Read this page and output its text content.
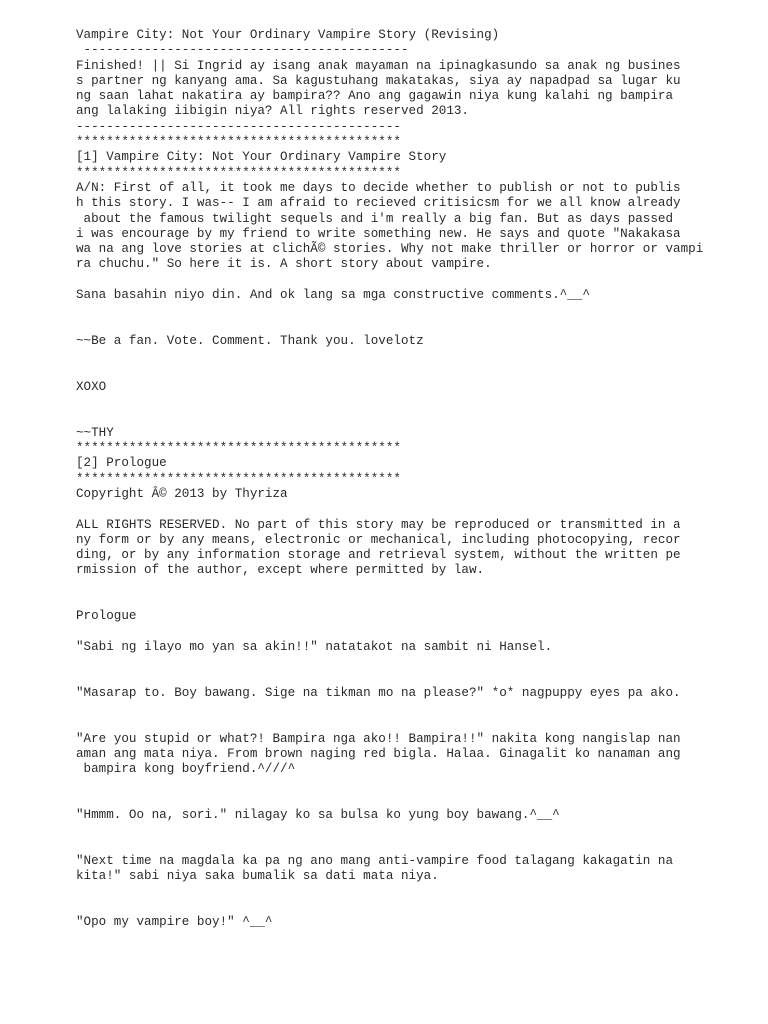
Vampire City: Not Your Ordinary Vampire Story (Revising)
-------------------------------------------
Finished! || Si Ingrid ay isang anak mayaman na ipinagkasundo sa anak ng busines
s partner ng kanyang ama. Sa kagustuhang makatakas, siya ay napadpad sa lugar ku
ng saan lahat nakatira ay bampira?? Ano ang gagawin niya kung kalahi ng bampira
ang lalaking iibigin niya? All rights reserved 2013.
-------------------------------------------
*******************************************
[1] Vampire City: Not Your Ordinary Vampire Story
*******************************************
A/N: First of all, it took me days to decide whether to publish or not to publis
h this story. I was-- I am afraid to recieved critisicsm for we all know already
about the famous twilight sequels and i'm really a big fan. But as days passed
i was encourage by my friend to write something new. He says and quote "Nakakasa
wa na ang love stories at clichÃ© stories. Why not make thriller or horror or vampi
ra chuchu." So here it is. A short story about vampire.
Sana basahin niyo din. And ok lang sa mga constructive comments.^__^
~~Be a fan. Vote. Comment. Thank you. lovelotz
XOXO
~~THY
*******************************************
[2] Prologue
*******************************************
Copyright Â© 2013 by Thyriza
ALL RIGHTS RESERVED. No part of this story may be reproduced or transmitted in a
ny form or by any means, electronic or mechanical, including photocopying, recor
ding, or by any information storage and retrieval system, without the written pe
rmission of the author, except where permitted by law.
Prologue
"Sabi ng ilayo mo yan sa akin!!" natatakot na sambit ni Hansel.
"Masarap to. Boy bawang. Sige na tikman mo na please?" *o* nagpuppy eyes pa ako.
"Are you stupid or what?! Bampira nga ako!! Bampira!!" nakita kong nangislap nan
aman ang mata niya. From brown naging red bigla. Halaa. Ginagalit ko nanaman ang
bampira kong boyfriend.^///^
"Hmmm. Oo na, sori." nilagay ko sa bulsa ko yung boy bawang.^__^
"Next time na magdala ka pa ng ano mang anti-vampire food talagang kakagatin na
kita!" sabi niya saka bumalik sa dati mata niya.
"Opo my vampire boy!" ^__^
